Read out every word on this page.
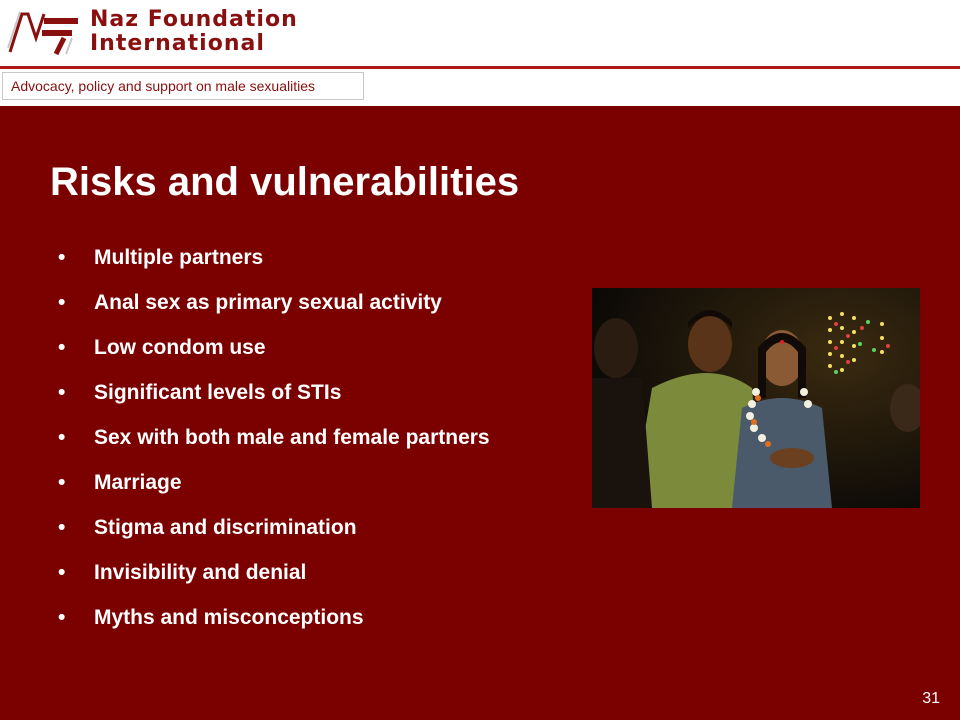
Naz Foundation
International
Advocacy, policy and support on male sexualities
Risks and vulnerabilities
• Multiple partners
• Anal sex as primary sexual activity
• Low condom use
• Significant levels of STIs
• Sex with both male and female partners
• Marriage
• Stigma and discrimination
• Invisibility and denial
• Myths and misconceptions
31
